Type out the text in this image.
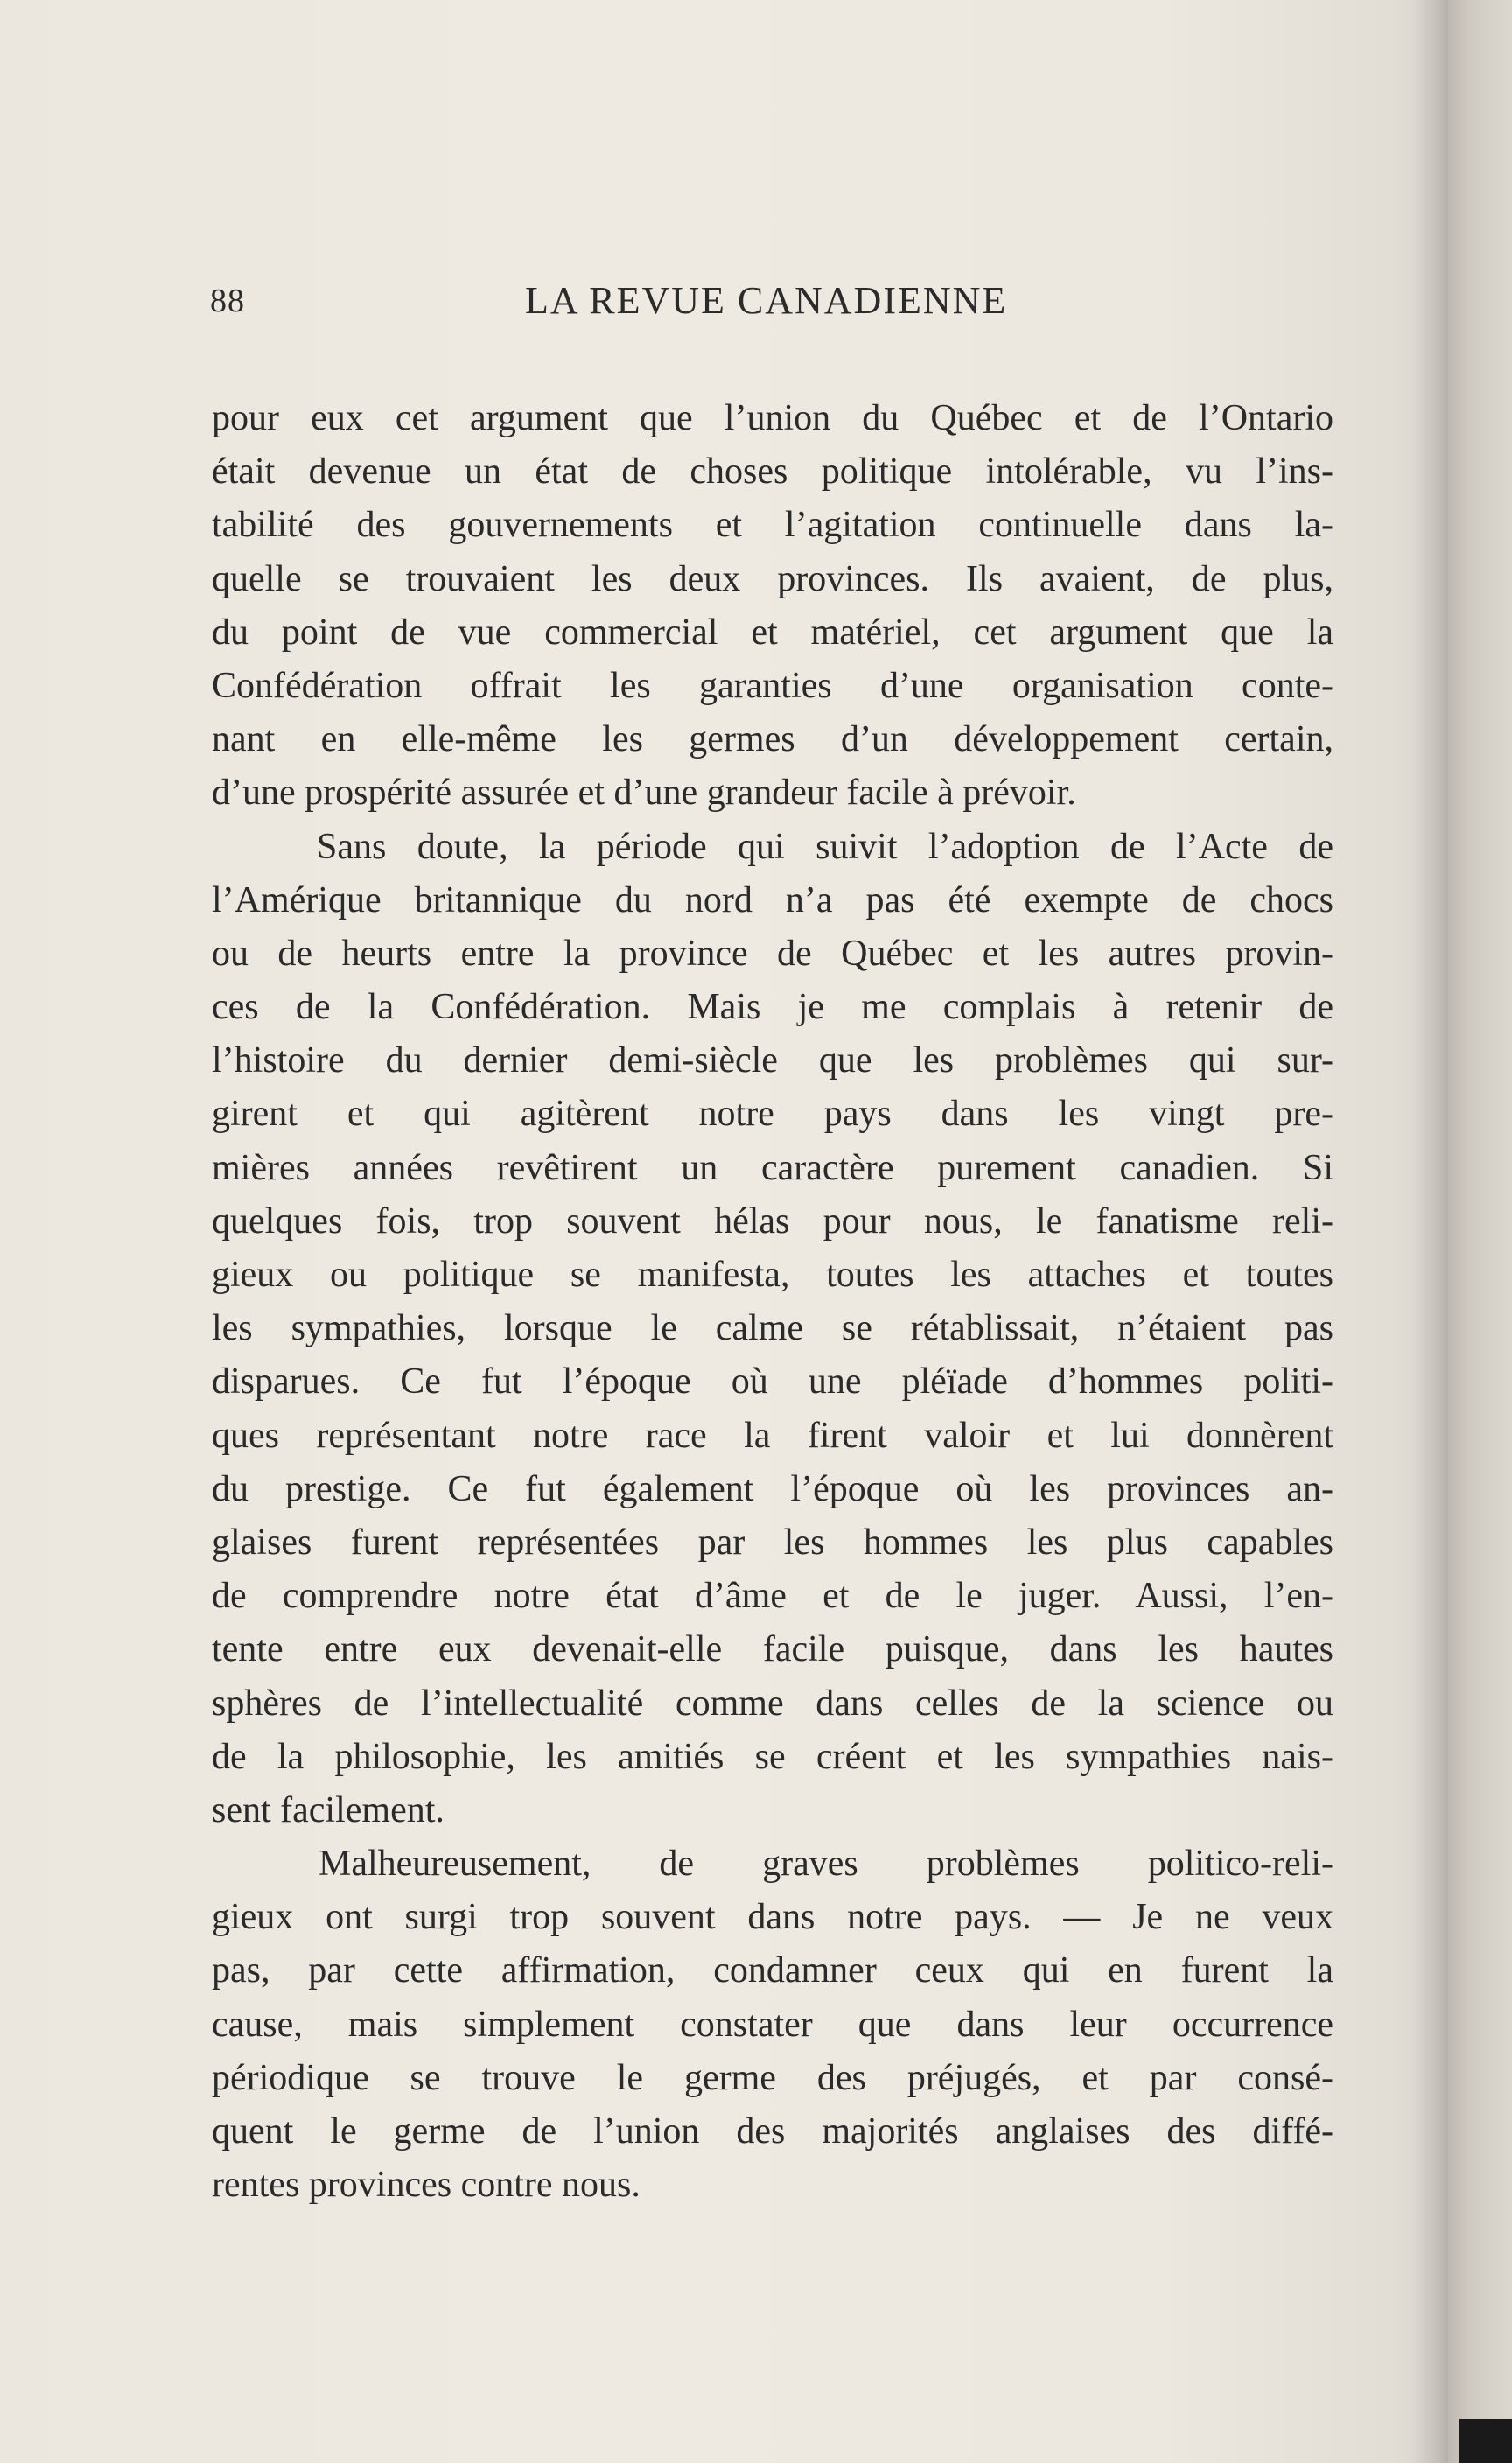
88	LA REVUE CANADIENNE
pour eux cet argument que l’union du Québec et de l’Ontario
était devenue un état de choses politique intolérable, vu l’ins-
tabilité des gouvernements et l’agitation continuelle dans la-
quelle se trouvaient les deux provinces. Ils avaient, de plus,
du point de vue commercial et matériel, cet argument que la
Confédération offrait les garanties d’une organisation conte-
nant en elle-même les germes d’un développement certain,
d’une prospérité assurée et d’une grandeur facile à prévoir.
Sans doute, la période qui suivit l’adoption de l’Acte de
l’Amérique britannique du nord n’a pas été exempte de chocs
ou de heurts entre la province de Québec et les autres provin-
ces de la Confédération. Mais je me complais à retenir de
l’histoire du dernier demi-siècle que les problèmes qui sur-
girent et qui agitèrent notre pays dans les vingt pre-
mières années revêtirent un caractère purement canadien. Si
quelques fois, trop souvent hélas pour nous, le fanatisme reli-
gieux ou politique se manifesta, toutes les attaches et toutes
les sympathies, lorsque le calme se rétablissait, n’étaient pas
disparues. Ce fut l’époque où une pléïade d’hommes politi-
ques représentant notre race la firent valoir et lui donnèrent
du prestige. Ce fut également l’époque où les provinces an-
glaises furent représentées par les hommes les plus capables
de comprendre notre état d’âme et de le juger. Aussi, l’en-
tente entre eux devenait-elle facile puisque, dans les hautes
sphères de l’intellectualité comme dans celles de la science ou
de la philosophie, les amitiés se créent et les sympathies nais-
sent facilement.
Malheureusement, de graves problèmes politico-reli-
gieux ont surgi trop souvent dans notre pays. — Je ne veux
pas, par cette affirmation, condamner ceux qui en furent la
cause, mais simplement constater que dans leur occurrence
périodique se trouve le germe des préjugés, et par consé-
quent le germe de l’union des majorités anglaises des diffé-
rentes provinces contre nous.
